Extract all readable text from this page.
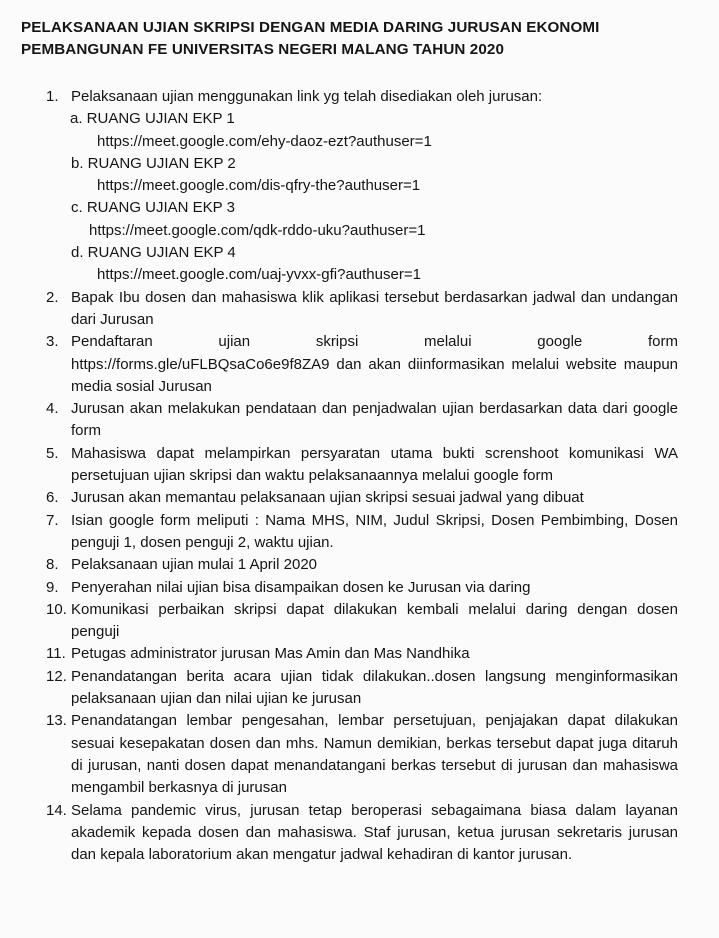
PELAKSANAAN UJIAN SKRIPSI DENGAN MEDIA DARING JURUSAN EKONOMI
PEMBANGUNAN FE UNIVERSITAS NEGERI MALANG TAHUN 2020
1. Pelaksanaan ujian menggunakan link yg telah disediakan oleh jurusan:
a. RUANG UJIAN EKP 1
https://meet.google.com/ehy-daoz-ezt?authuser=1
b. RUANG UJIAN EKP 2
https://meet.google.com/dis-qfry-the?authuser=1
c. RUANG UJIAN EKP 3
https://meet.google.com/qdk-rddo-uku?authuser=1
d. RUANG UJIAN EKP 4
https://meet.google.com/uaj-yvxx-gfi?authuser=1
2. Bapak Ibu dosen dan mahasiswa klik aplikasi tersebut berdasarkan jadwal dan undangan dari Jurusan
3. Pendaftaran	ujian	skripsi	melalui	google	form
https://forms.gle/uFLBQsaCo6e9f8ZA9 dan akan diinformasikan melalui website maupun media sosial Jurusan
4. Jurusan akan melakukan pendataan dan penjadwalan ujian berdasarkan data dari google form
5. Mahasiswa dapat melampirkan persyaratan utama bukti screnshoot komunikasi WA persetujuan ujian skripsi dan waktu pelaksanaannya melalui google form
6. Jurusan akan memantau pelaksanaan ujian skripsi sesuai jadwal yang dibuat
7. Isian google form meliputi : Nama MHS, NIM, Judul Skripsi, Dosen Pembimbing, Dosen penguji 1, dosen penguji 2, waktu ujian.
8. Pelaksanaan ujian mulai 1 April 2020
9. Penyerahan nilai ujian bisa disampaikan dosen ke Jurusan via daring
10. Komunikasi perbaikan skripsi dapat dilakukan kembali melalui daring dengan dosen penguji
11. Petugas administrator jurusan Mas Amin dan Mas Nandhika
12. Penandatangan berita acara ujian tidak dilakukan..dosen langsung menginformasikan pelaksanaan ujian dan nilai ujian ke jurusan
13. Penandatangan lembar pengesahan, lembar persetujuan, penjajakan dapat dilakukan sesuai kesepakatan dosen dan mhs. Namun demikian, berkas tersebut dapat juga ditaruh di jurusan, nanti dosen dapat menandatangani berkas tersebut di jurusan dan mahasiswa mengambil berkasnya di jurusan
14. Selama pandemic virus, jurusan tetap beroperasi sebagaimana biasa dalam layanan akademik kepada dosen dan mahasiswa. Staf jurusan, ketua jurusan sekretaris jurusan dan kepala laboratorium akan mengatur jadwal kehadiran di kantor jurusan.
